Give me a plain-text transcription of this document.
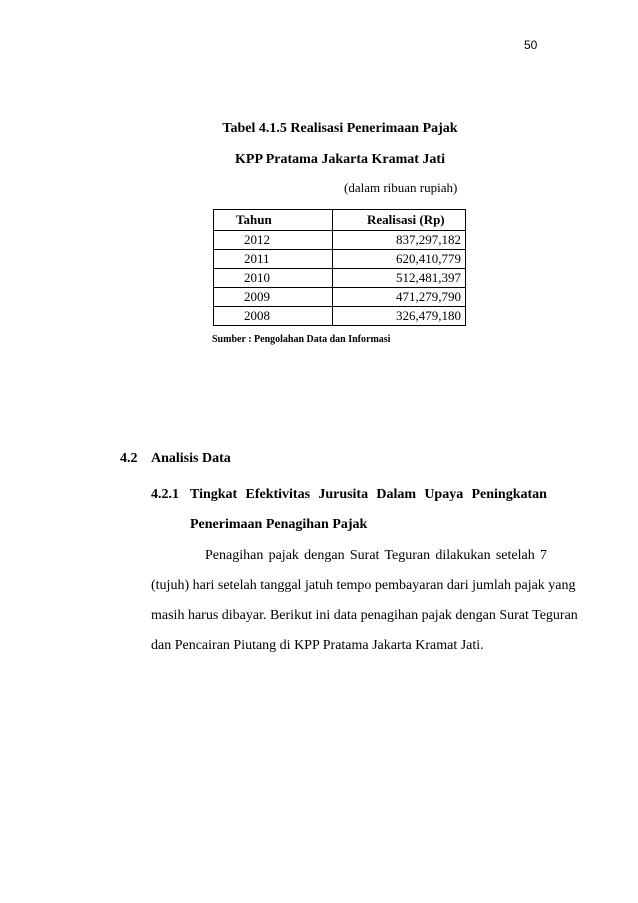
50
Tabel 4.1.5 Realisasi Penerimaan Pajak
KPP Pratama Jakarta Kramat Jati
(dalam ribuan rupiah)
Tahun	Realisasi (Rp)
2012	837,297,182
2011	620,410,779
2010	512,481,397
2009	471,279,790
2008	326,479,180
Sumber : Pengolahan Data dan Informasi
4.2 Analisis Data
4.2.1 Tingkat Efektivitas Jurusita Dalam Upaya Peningkatan
Penerimaan Penagihan Pajak
Penagihan pajak dengan Surat Teguran dilakukan setelah 7
(tujuh) hari setelah tanggal jatuh tempo pembayaran dari jumlah pajak yang
masih harus dibayar. Berikut ini data penagihan pajak dengan Surat Teguran
dan Pencairan Piutang di KPP Pratama Jakarta Kramat Jati.
